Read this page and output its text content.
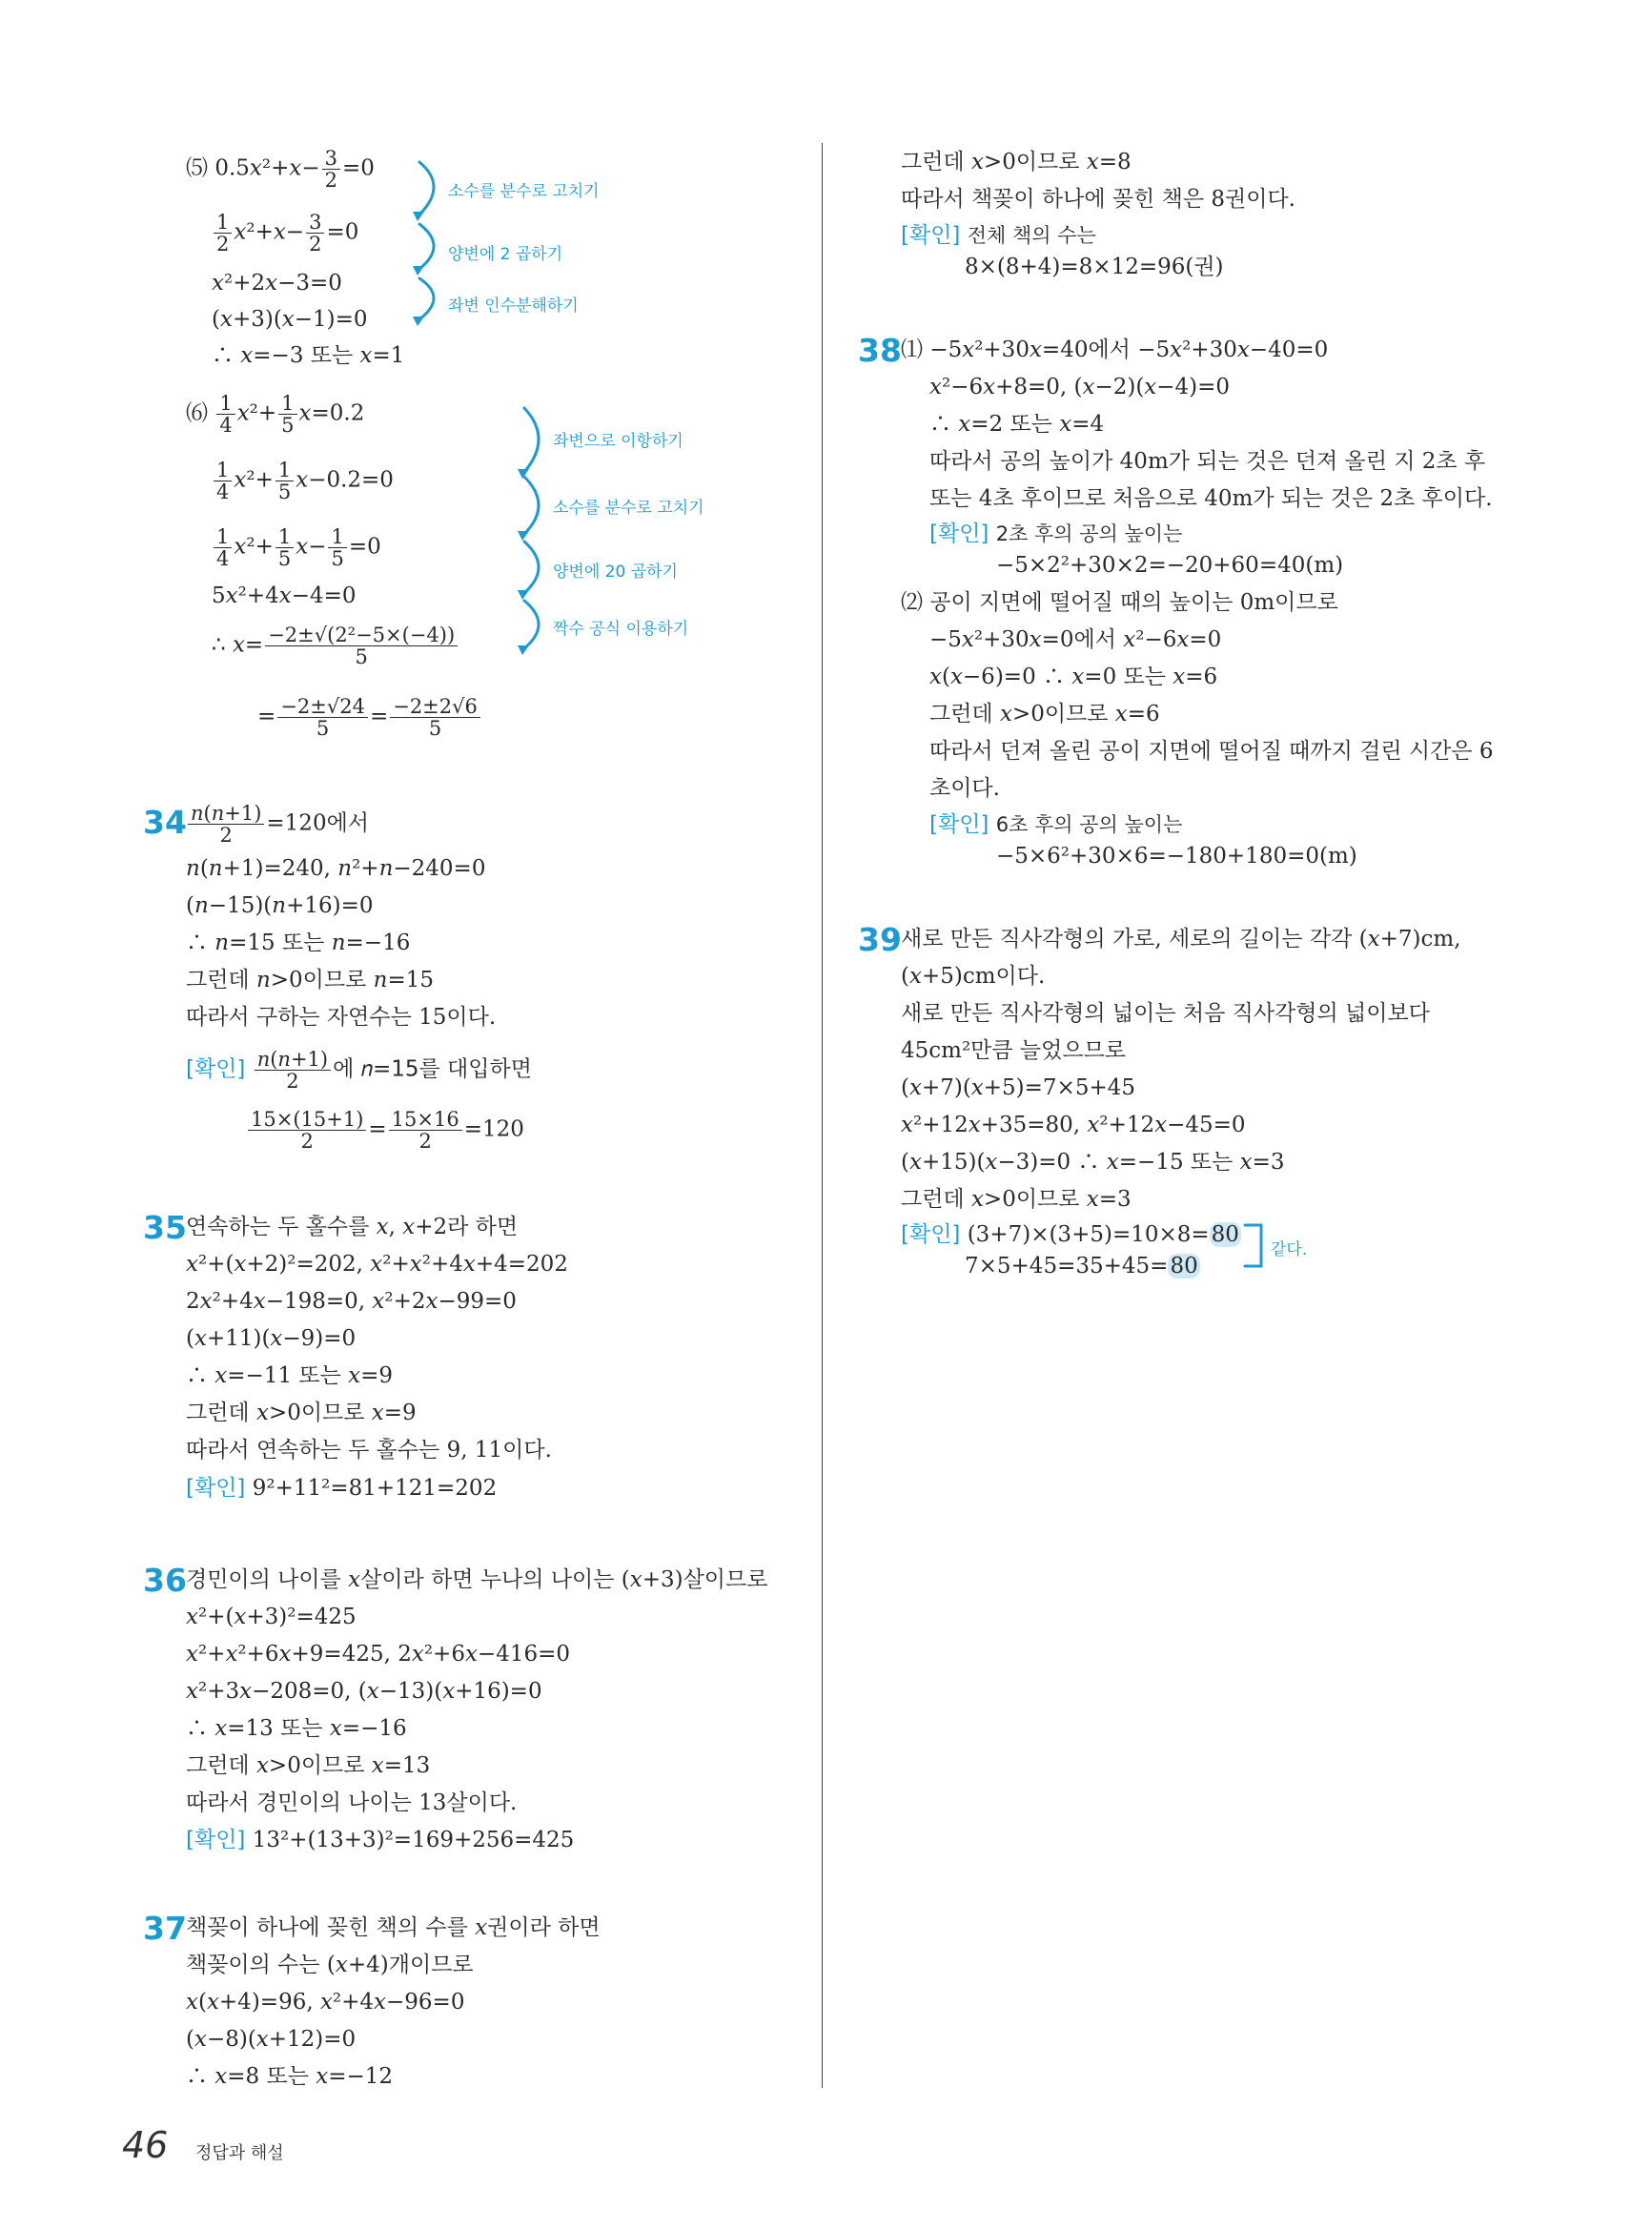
⑸ 0.5𝑥²+𝑥− $\frac{3}{2} =0$
$\frac{1}{2}$ 𝑥²+𝑥− $\frac{3}{2} =0$
𝑥²+2𝑥−3=0
(𝑥+3)(𝑥−1)=0
∴ 𝑥=−3 또는 𝑥=1
소수를 분수로 고치기
양변에 2 곱하기
좌변 인수분해하기
⑹ $\frac{1}{4}$ 𝑥²+ $\frac{1}{5}$ 𝑥=0.2
$\frac{1}{4}$ 𝑥²+ $\frac{1}{5}$ 𝑥−0.2=0
$\frac{1}{4}$ 𝑥²+ $\frac{1}{5}$ 𝑥− $\frac{1}{5} =0$
5𝑥²+4𝑥−4=0
∴ 𝑥= $\frac{\text{−2±√(2²−5×(−4))}}{5}$
= $\frac{-2\pm√24}{5} = \frac{-2\pm 2√6}{5}$
좌변으로 이항하기
소수를 분수로 고치기
양변에 20 곱하기
짝수 공식 이용하기
$34 \frac{\text{𝑛(𝑛+1)}}{2} =120$에서
𝑛(𝑛+1)=240, 𝑛²+𝑛−240=0
(𝑛−15)(𝑛+16)=0
∴ 𝑛=15 또는 𝑛=−16
그런데 𝑛>0이므로 𝑛=15
따라서 구하는 자연수는 15이다.
[확인] $\frac{\text{𝑛(𝑛+1)}}{2}$ 에 𝑛=15를 대입하면
$\frac{15\times(15+1)}{2} = \frac{15\times 16}{2} =120$
35 연속하는 두 홀수를 𝑥, 𝑥+2라 하면
𝑥²+(𝑥+2)²=202, 𝑥²+𝑥²+4𝑥+4=202
2𝑥²+4𝑥−198=0, 𝑥²+2𝑥−99=0
(𝑥+11)(𝑥−9)=0
∴ 𝑥=−11 또는 𝑥=9
그런데 𝑥>0이므로 𝑥=9
따라서 연속하는 두 홀수는 9, 11이다.
[확인] 9²+11²=81+121=202
36 경민이의 나이를 𝑥살이라 하면 누나의 나이는 (𝑥+3)살이므로
𝑥²+(𝑥+3)²=425
𝑥²+𝑥²+6𝑥+9=425, 2𝑥²+6𝑥−416=0
𝑥²+3𝑥−208=0, (𝑥−13)(𝑥+16)=0
∴ 𝑥=13 또는 𝑥=−16
그런데 𝑥>0이므로 𝑥=13
따라서 경민이의 나이는 13살이다.
[확인] 13²+(13+3)²=169+256=425
37 책꽂이 하나에 꽂힌 책의 수를 𝑥권이라 하면
책꽂이의 수는 (𝑥+4)개이므로
𝑥(𝑥+4)=96, 𝑥²+4𝑥−96=0
(𝑥−8)(𝑥+12)=0
∴ 𝑥=8 또는 𝑥=−12
그런데 𝑥>0이므로 𝑥=8
따라서 책꽂이 하나에 꽂힌 책은 8권이다.
[확인] 전체 책의 수는
8×(8+4)=8×12=96(권)
38 ⑴ −5𝑥²+30𝑥=40에서 −5𝑥²+30𝑥−40=0
𝑥²−6𝑥+8=0, (𝑥−2)(𝑥−4)=0
∴ 𝑥=2 또는 𝑥=4
따라서 공의 높이가 40m가 되는 것은 던져 올린 지 2초 후
또는 4초 후이므로 처음으로 40m가 되는 것은 2초 후이다.
[확인] 2초 후의 공의 높이는
−5×2²+30×2=−20+60=40(m)
⑵ 공이 지면에 떨어질 때의 높이는 0m이므로
−5𝑥²+30𝑥=0에서 𝑥²−6𝑥=0
𝑥(𝑥−6)=0 ∴ 𝑥=0 또는 𝑥=6
그런데 𝑥>0이므로 𝑥=6
따라서 던져 올린 공이 지면에 떨어질 때까지 걸린 시간은 6
초이다.
[확인] 6초 후의 공의 높이는
−5×6²+30×6=−180+180=0(m)
39 새로 만든 직사각형의 가로, 세로의 길이는 각각 (𝑥+7)cm,
(𝑥+5)cm이다.
새로 만든 직사각형의 넓이는 처음 직사각형의 넓이보다
45cm²만큼 늘었으므로
(𝑥+7)(𝑥+5)=7×5+45
𝑥²+12𝑥+35=80, 𝑥²+12𝑥−45=0
(𝑥+15)(𝑥−3)=0 ∴ 𝑥=−15 또는 𝑥=3
그런데 𝑥>0이므로 𝑥=3
[확인] (3+7)×(3+5)=10×8=80
7×5+45=35+45=80
같다.
46 정답과 해설
